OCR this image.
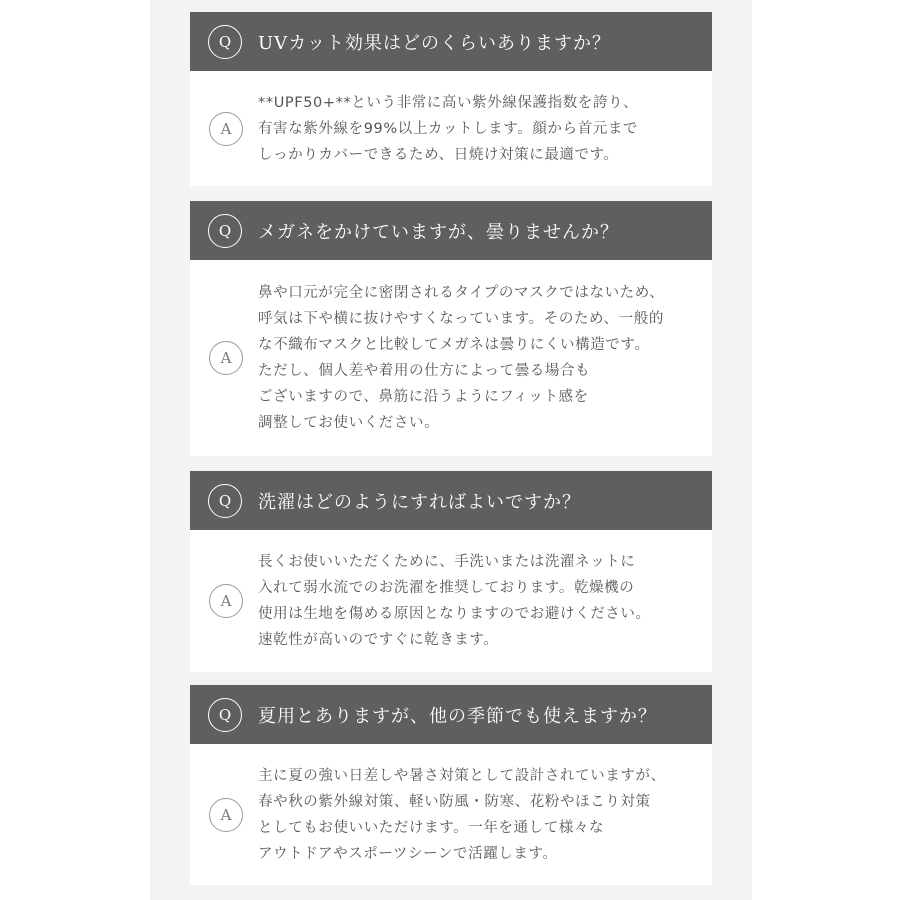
Q	UVカット効果はどのくらいありますか？
A
**UPF50+**という非常に高い紫外線保護指数を誇り、
有害な紫外線を99%以上カットします。顔から首元まで
しっかりカバーできるため、日焼け対策に最適です。
Q	メガネをかけていますが、曇りませんか？
A
鼻や口元が完全に密閉されるタイプのマスクではないため、
呼気は下や横に抜けやすくなっています。そのため、一般的
な不織布マスクと比較してメガネは曇りにくい構造です。
ただし、個人差や着用の仕方によって曇る場合も
ございますので、鼻筋に沿うようにフィット感を
調整してお使いください。
Q	洗濯はどのようにすればよいですか？
A
長くお使いいただくために、手洗いまたは洗濯ネットに
入れて弱水流でのお洗濯を推奨しております。乾燥機の
使用は生地を傷める原因となりますのでお避けください。
速乾性が高いのですぐに乾きます。
Q	夏用とありますが、他の季節でも使えますか？
A
主に夏の強い日差しや暑さ対策として設計されていますが、
春や秋の紫外線対策、軽い防風・防寒、花粉やほこり対策
としてもお使いいただけます。一年を通して様々な
アウトドアやスポーツシーンで活躍します。
